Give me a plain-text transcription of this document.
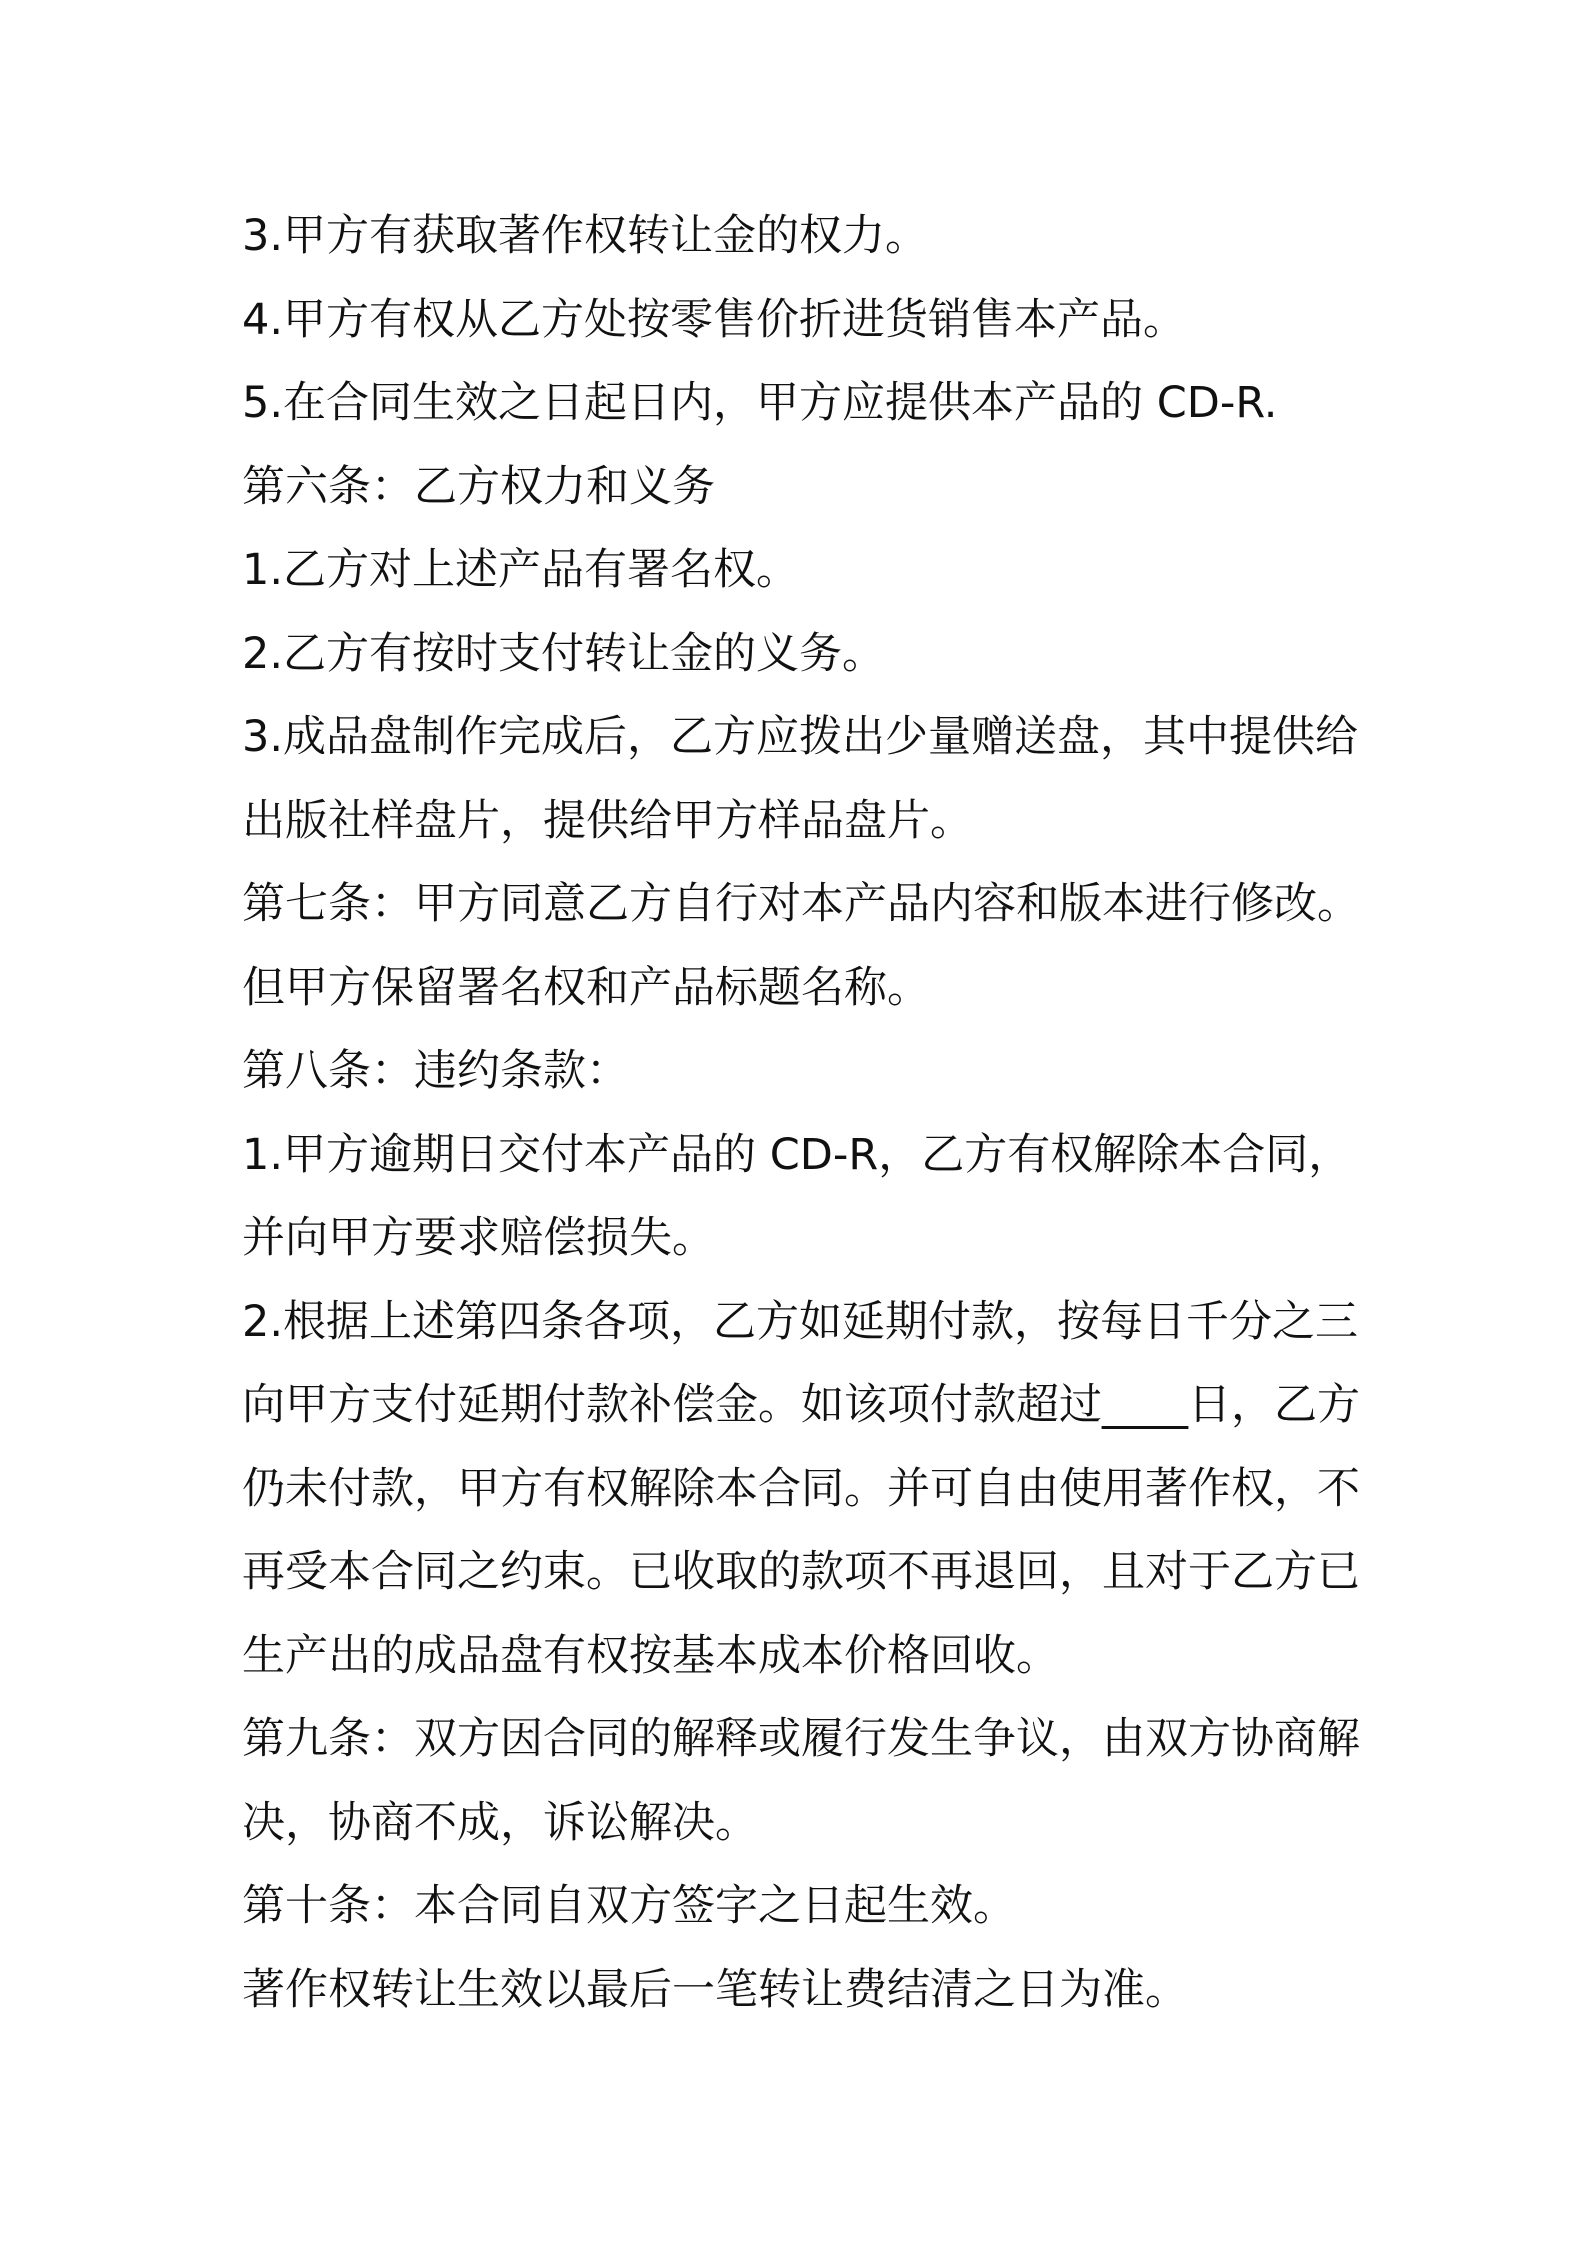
3.甲方有获取著作权转让金的权力。

4.甲方有权从乙方处按零售价折进货销售本产品。

5.在合同生效之日起日内，甲方应提供本产品的 CD-R.

第六条：乙方权力和义务

1.乙方对上述产品有署名权。

2.乙方有按时支付转让金的义务。

3.成品盘制作完成后，乙方应拨出少量赠送盘，其中提供给

出版社样盘片，提供给甲方样品盘片。

第七条：甲方同意乙方自行对本产品内容和版本进行修改。

但甲方保留署名权和产品标题名称。

第八条：违约条款：

1.甲方逾期日交付本产品的 CD-R，乙方有权解除本合同，

并向甲方要求赔偿损失。

2.根据上述第四条各项，乙方如延期付款，按每日千分之三

向甲方支付延期付款补偿金。如该项付款超过____日，乙方

仍未付款，甲方有权解除本合同。并可自由使用著作权，不

再受本合同之约束。已收取的款项不再退回，且对于乙方已

生产出的成品盘有权按基本成本价格回收。

第九条：双方因合同的解释或履行发生争议，由双方协商解

决，协商不成，诉讼解决。

第十条：本合同自双方签字之日起生效。

著作权转让生效以最后一笔转让费结清之日为准。
